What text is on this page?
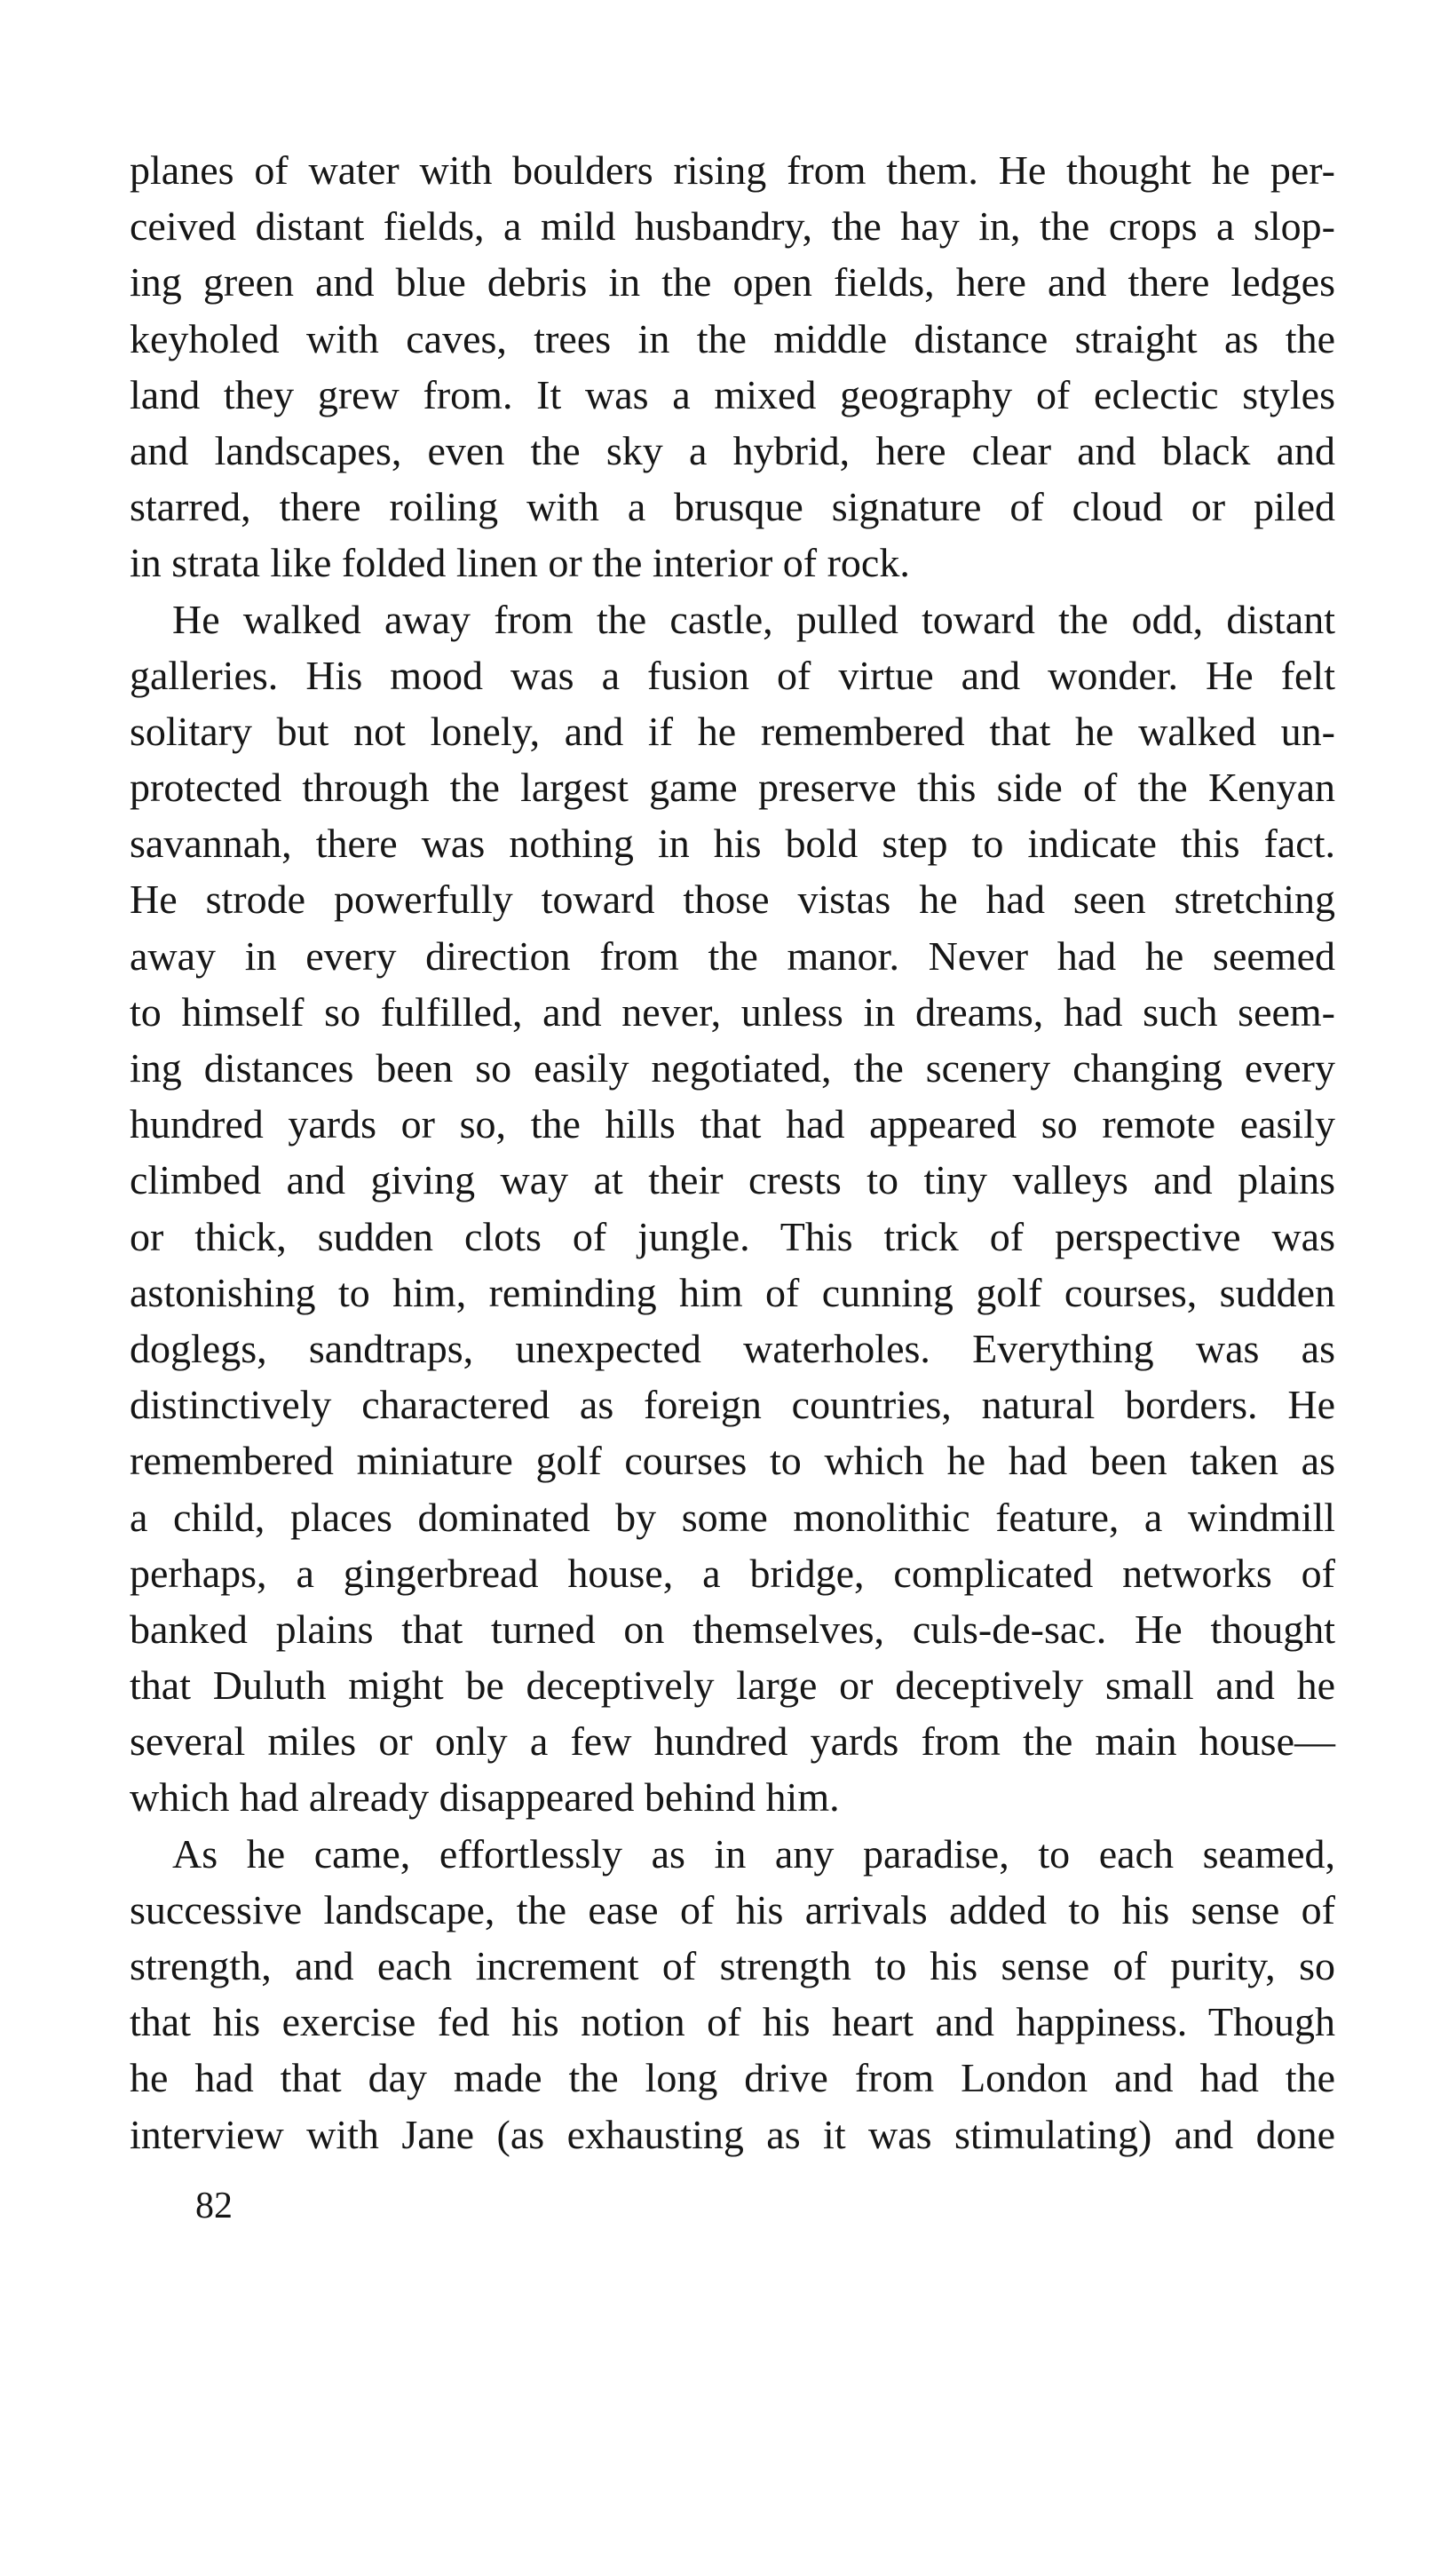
planes of water with boulders rising from them. He thought he per-
ceived distant fields, a mild husbandry, the hay in, the crops a slop-
ing green and blue debris in the open fields, here and there ledges
keyholed with caves, trees in the middle distance straight as the
land they grew from. It was a mixed geography of eclectic styles
and landscapes, even the sky a hybrid, here clear and black and
starred, there roiling with a brusque signature of cloud or piled
in strata like folded linen or the interior of rock.

He walked away from the castle, pulled toward the odd, distant
galleries. His mood was a fusion of virtue and wonder. He felt
solitary but not lonely, and if he remembered that he walked un-
protected through the largest game preserve this side of the Kenyan
savannah, there was nothing in his bold step to indicate this fact.
He strode powerfully toward those vistas he had seen stretching
away in every direction from the manor. Never had he seemed
to himself so fulfilled, and never, unless in dreams, had such seem-
ing distances been so easily negotiated, the scenery changing every
hundred yards or so, the hills that had appeared so remote easily
climbed and giving way at their crests to tiny valleys and plains
or thick, sudden clots of jungle. This trick of perspective was
astonishing to him, reminding him of cunning golf courses, sudden
doglegs, sandtraps, unexpected waterholes. Everything was as
distinctively charactered as foreign countries, natural borders. He
remembered miniature golf courses to which he had been taken as
a child, places dominated by some monolithic feature, a windmill
perhaps, a gingerbread house, a bridge, complicated networks of
banked plains that turned on themselves, culs-de-sac. He thought
that Duluth might be deceptively large or deceptively small and he
several miles or only a few hundred yards from the main house—
which had already disappeared behind him.

As he came, effortlessly as in any paradise, to each seamed,
successive landscape, the ease of his arrivals added to his sense of
strength, and each increment of strength to his sense of purity, so
that his exercise fed his notion of his heart and happiness. Though
he had that day made the long drive from London and had the
interview with Jane (as exhausting as it was stimulating) and done

82
